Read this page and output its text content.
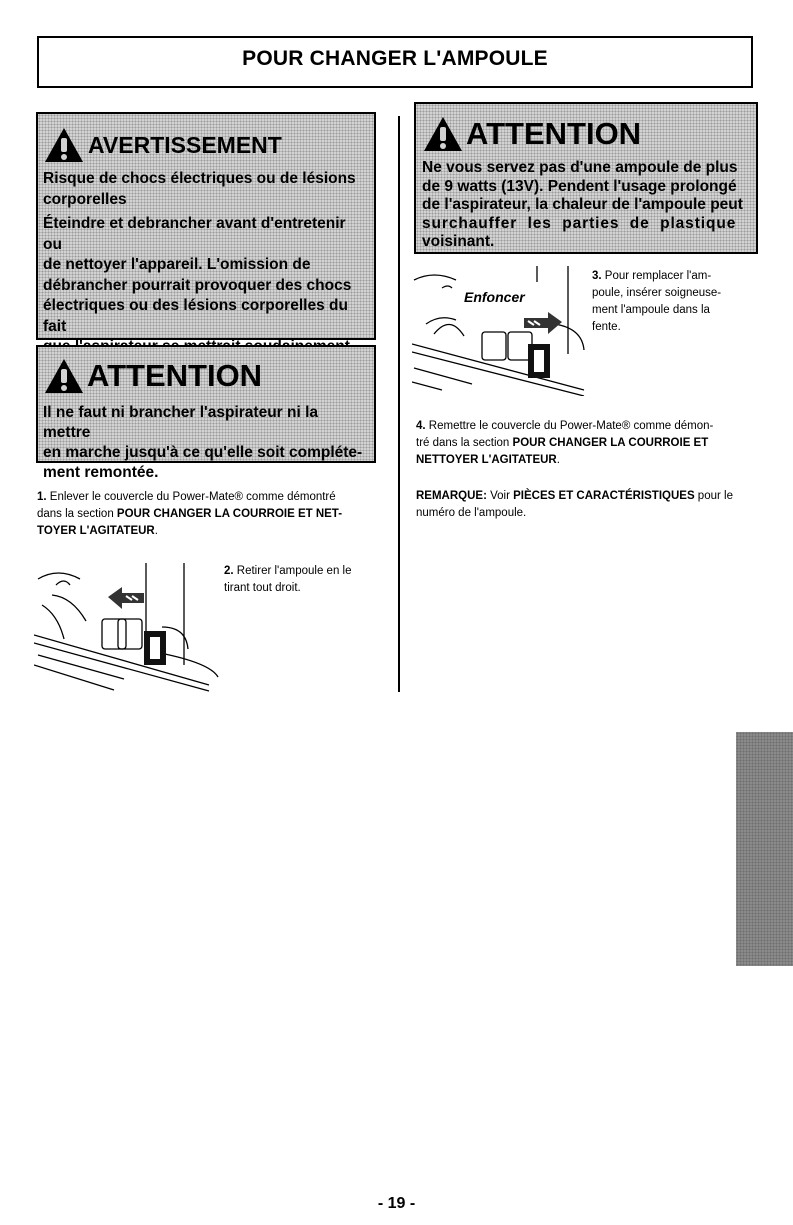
POUR CHANGER L'AMPOULE
AVERTISSEMENT
Risque de chocs électriques ou de lésions
corporelles
Éteindre et debrancher avant d'entretenir ou
de nettoyer l'appareil. L'omission de
débrancher pourrait provoquer des chocs
électriques ou des lésions corporelles du fait
ATTENTION
Il ne faut ni brancher l'aspirateur ni la mettre
en marche jusqu'à ce qu'elle soit compléte-
ment remontée.
ATTENTION
Ne vous servez pas d'une ampoule de plus
de 9 watts (13V). Pendent l'usage prolongé
de l'aspirateur, la chaleur de l'ampoule peut
surchauffer  les  parties  de  plastique
voisinant.
1. Enlever le couvercle du Power-Mate® comme démontré
dans la section POUR CHANGER LA COURROIE ET NET-
TOYER L'AGITATEUR.
2. Retirer l'ampoule en le
tirant tout droit.
Enfoncer
3. Pour remplacer l'am-
poule, insérer soigneuse-
ment l'ampoule dans la
fente.
4. Remettre le couvercle du Power-Mate® comme démon-
tré dans la section POUR CHANGER LA COURROIE ET
NETTOYER L'AGITATEUR.
REMARQUE: Voir PIÈCES ET CARACTÉRISTIQUES pour le
numéro de l'ampoule.
FRANÇAIS
- 19 -
